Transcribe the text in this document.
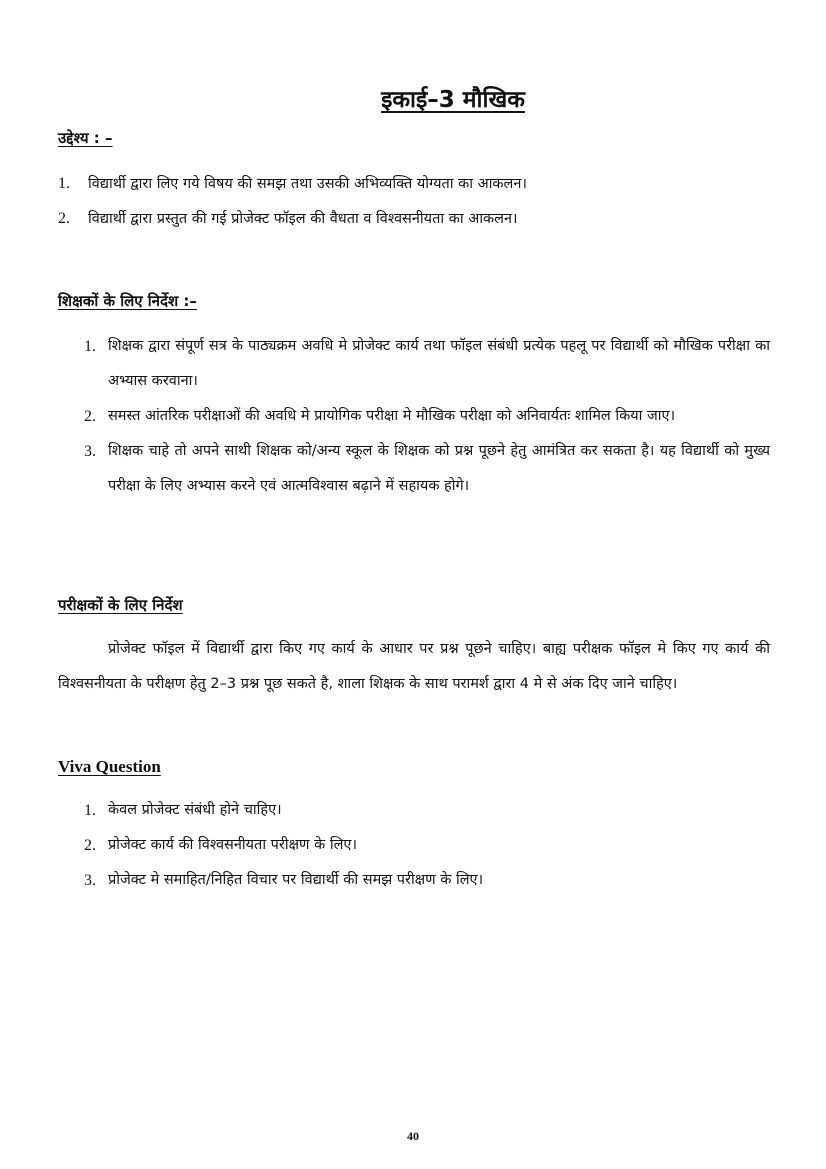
इकाई–3 मौखिक
उद्देश्य : –
1.	विद्यार्थी द्वारा लिए गये विषय की समझ तथा उसकी अभिव्यक्ति योग्यता का आकलन।
2.	विद्यार्थी द्वारा प्रस्तुत की गई प्रोजेक्ट फॉइल की वैधता व विश्वसनीयता का आकलन।
शिक्षकों के लिए निर्देश :–
1. शिक्षक द्वारा संपूर्ण सत्र के पाठ्यक्रम अवधि मे प्रोजेक्ट कार्य तथा फॉइल संबंधी प्रत्येक पहलू पर विद्यार्थी को मौखिक परीक्षा का अभ्यास करवाना।
2. समस्त आंतरिक परीक्षाओं की अवधि मे प्रायोगिक परीक्षा मे मौखिक परीक्षा को अनिवार्यतः शामिल किया जाए।
3. शिक्षक चाहे तो अपने साथी शिक्षक को/अन्य स्कूल के शिक्षक को प्रश्न पूछने हेतु आमंत्रित कर सकता है। यह विद्यार्थी को मुख्य परीक्षा के लिए अभ्यास करने एवं आत्मविश्वास बढ़ाने में सहायक होगे।
परीक्षकों के लिए निर्देश

प्रोजेक्ट फॉइल में विद्यार्थी द्वारा किए गए कार्य के आधार पर प्रश्न पूछने चाहिए। बाह्य परीक्षक फॉइल मे किए गए कार्य की विश्वसनीयता के परीक्षण हेतु 2–3 प्रश्न पूछ सकते है, शाला शिक्षक के साथ परामर्श द्वारा 4 मे से अंक दिए जाने चाहिए।

Viva Question
1. केवल प्रोजेक्ट संबंधी होने चाहिए।
2. प्रोजेक्ट कार्य की विश्वसनीयता परीक्षण के लिए।
3. प्रोजेक्ट मे समाहित/निहित विचार पर विद्यार्थी की समझ परीक्षण के लिए।
40
